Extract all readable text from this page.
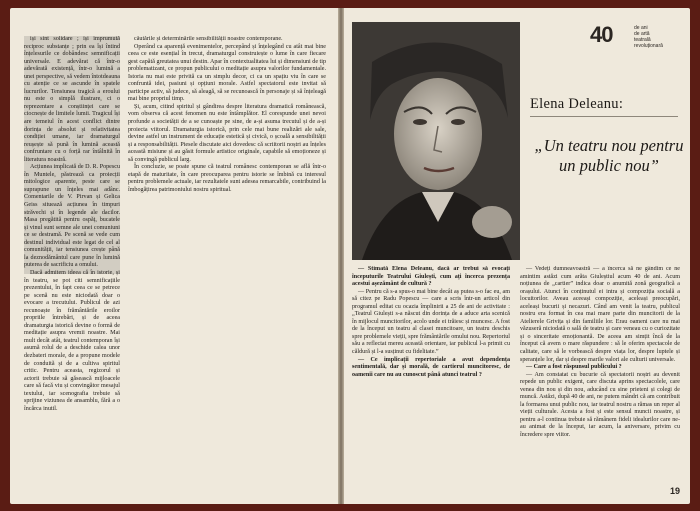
iși sint solidare ; își împrumută reciproc substanțe ; prin ea își întind înțelesurile ce dobândesc semnificații universale. E adevărat că într-o adevărată existență, într-o lumină a unei perspective, să vedem întotdeauna cu atenție ce se ascunde în spatele lucrurilor. Tensiunea tragică a eroului nu este o simplă ilustrare, ci o reprezentare a conștiinței care se ciocnește de limitele lumii. Tragicul își are temeiul în acest conflict dintre dorința de absolut și relativitatea condiției umane, iar dramaturgul reușește să pună în lumină această confruntare cu o forță rar întâlnită în literatura noastră.

Acțiunea implicată de D. R. Popescu în Muntele, păstrează ca proiecții mitologice aparente, peste care se suprapune un înțeles mai adânc. Comentarile de V. Pirvan și Gelica Geiss situează acțiunea în timpuri străvechi și în legende ale dacilor. Masa pregătită pentru ospăț, bucatele și vinul sunt semne ale unei comuniuni ce se destramă. Pe scenă se vede cum destinul individual este legat de cel al comunității, iar tensiunea crește până la deznodământul care pune în lumină puterea de sacrificiu a omului.

Dacă admitem ideea că în istorie, și în teatru, se pot citi semnificațiile prezentului, în fapt ceea ce se petrece pe scenă nu este niciodată doar o evocare a trecutului. Publicul de azi recunoaște în frământările eroilor propriile întrebări, și de aceea dramaturgia istorică devine o formă de meditație asupra vremii noastre. Mai mult decât atât, teatrul contemporan își asumă rolul de a deschide calea unor dezbateri morale, de a propune modele de conduită și de a cultiva spiritul critic. Pentru aceasta, regizorul și actorii trebuie să găsească mijloacele care să facă viu și convingător mesajul textului, iar scenografia trebuie să sprijine viziunea de ansamblu, fără a o încărca inutil.

căutările și determinările sensibilității noastre contemporane.

Operând ca aparență evenimentelor, percepând și înțelegând cu atât mai bine ceea ce este esențial în trecut, dramaturgul construiește o lume în care fiecare gest capătă greutatea unui destin. Apar în contextualitatea lui și dimensiuni de tip problematizant, ce propun publicului o meditație asupra valorilor fundamentale. Istoria nu mai este privită ca un simplu decor, ci ca un spațiu viu în care se confruntă idei, pasiuni și opțiuni morale. Astfel spectatorul este invitat să participe activ, să judece, să aleagă, să se recunoască în personaje și să înțeleagă mai bine propriul timp.

Și, acum, citind spiritul și gândirea despre literatura dramatică românească, vom observa că acest fenomen nu este întâmplător. El corespunde unei nevoi profunde a societății de a se cunoaște pe sine, de a-și asuma trecutul și de a-și proiecta viitorul. Dramaturgia istorică, prin cele mai bune realizări ale sale, devine astfel un instrument de educație estetică și civică, o școală a sensibilității și a responsabilității. Piesele discutate aici dovedesc că scriitorii noștri au înțeles această misiune și au găsit formule artistice originale, capabile să emoționeze și să convingă publicul larg.

În concluzie, se poate spune că teatrul românesc contemporan se află într-o etapă de maturitate, în care preocuparea pentru istorie se îmbină cu interesul pentru problemele actuale, iar rezultatele sunt adesea remarcabile, contribuind la îmbogățirea patrimoniului nostru spiritual.

40	de ani
de artă
teatrală
revoluționară
Elena Deleanu:
„Un teatru nou pentru un public nou”

— Stimată Elena Deleanu, dacă ar trebui să evocați începuturile Teatrului Giulești, cum ați încerca prezența acestui așezământ de cultură ?

— Pentru că s-a spus-o mai bine decât aș putea s-o fac eu, am să citez pe Radu Popescu — care a scris într-un articol din programul editat cu ocazia împlinirii a 25 de ani de activitate : „Teatrul Giulești s-a născut din dorința de a aduce arta scenică în mijlocul muncitorilor, acolo unde ei trăiesc și muncesc. A fost de la început un teatru al clasei muncitoare, un teatru deschis spre problemele vieții, spre frământările omului nou. Repertoriul său a reflectat mereu această orientare, iar publicul l-a primit cu căldură și l-a susținut cu fidelitate.”

— Ce implicații repertoriale a avut dependența sentimentală, dar și morală, de cartierul muncitoresc, de oamenii care nu au cunoscut până atunci teatrul ?

— Vedeți dumneavoastră — a încerca să ne gândim ce ne amintim astăzi cum arăta Giuleștiul acum 40 de ani. Acum noțiunea de „cartier” indica doar o anumită zonă geografică a orașului. Atunci în conținutul ei intra și compoziția socială a locuitorilor. Aveau aceeași compoziție, aceleași preocupări, aceleași bucurii și necazuri. Când am venit la teatru, publicul nostru era format în cea mai mare parte din muncitorii de la Atelierele Grivița și din familiile lor. Erau oameni care nu mai văzuseră niciodată o sală de teatru și care veneau cu o curiozitate și o sinceritate emoționantă. De aceea am simțit încă de la început că avem o mare răspundere : să le oferim spectacole de calitate, care să le vorbească despre viața lor, despre luptele și speranțele lor, dar și despre marile valori ale culturii universale.

— Care a fost răspunsul publicului ?

— Am constatat cu bucurie că spectatorii noștri au devenit repede un public exigent, care discuta aprins spectacolele, care venea din nou și din nou, aducând cu sine prieteni și colegi de muncă. Astăzi, după 40 de ani, ne putem mândri că am contribuit la formarea unui public nou, iar teatrul nostru a rămas un reper al vieții culturale. Acesta a fost și este sensul muncii noastre, și pentru a-l continua trebuie să rămânem fideli idealurilor care ne-au animat de la început, iar acum, la aniversare, privim cu încredere spre viitor.

19
